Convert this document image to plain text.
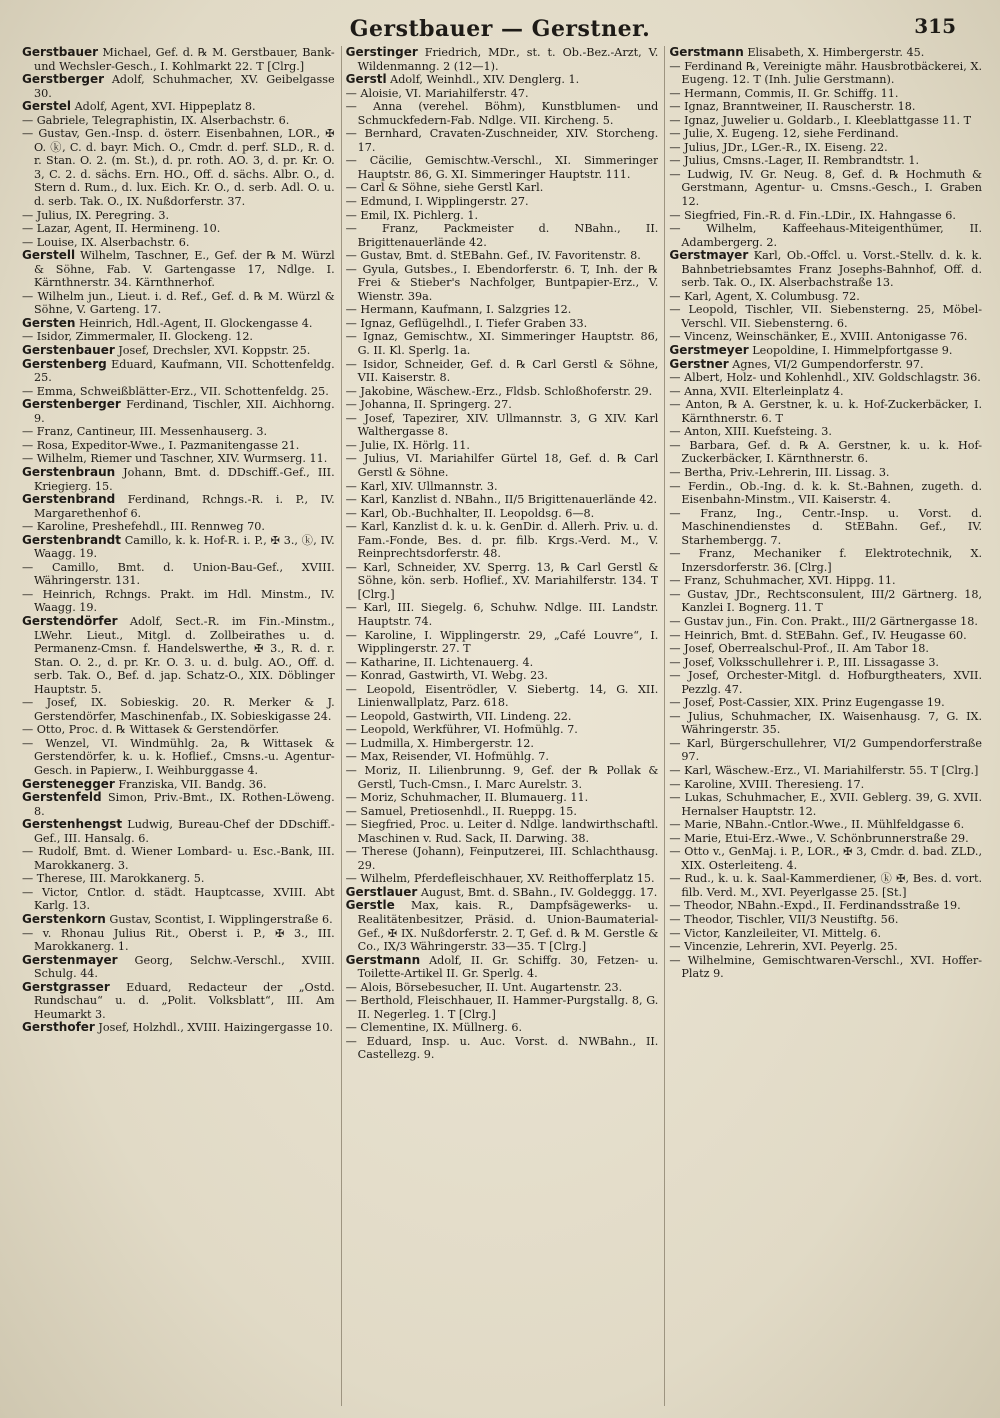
Gerstbauer — Gerstner.	315
Gerstbauer Michael, Gef. d. ℞ M. Gerstbauer, Bank- und Wechsler-Gesch., I. Kohlmarkt 22. T [Clrg.]
Gerstberger Adolf, Schuhmacher, XV. Geibelgasse 30.
Gerstel Adolf, Agent, XVI. Hippeplatz 8.
— Gabriele, Telegraphistin, IX. Alserbachstr. 6.
— Gustav, Gen.-Insp. d. österr. Eisenbahnen, LOR., ✠ O. ⓚ, C. d. bayr. Mich. O., Cmdr. d. perf. SLD., R. d. r. Stan. O. 2. (m. St.), d. pr. roth. AO. 3, d. pr. Kr. O. 3, C. 2. d. sächs. Ern. HO., Off. d. sächs. Albr. O., d. Stern d. Rum., d. lux. Eich. Kr. O., d. serb. Adl. O. u. d. serb. Tak. O., IX. Nußdorferstr. 37.
— Julius, IX. Peregring. 3.
— Lazar, Agent, II. Hermineng. 10.
— Louise, IX. Alserbachstr. 6.
Gerstell Wilhelm, Taschner, E., Gef. der ℞ M. Würzl & Söhne, Fab. V. Gartengasse 17, Ndlge. I. Kärnthnerstr. 34. Kärnthnerhof.
— Wilhelm jun., Lieut. i. d. Ref., Gef. d. ℞ M. Würzl & Söhne, V. Garteng. 17.
Gersten Heinrich, Hdl.-Agent, II. Glockengasse 4.
— Isidor, Zimmermaler, II. Glockeng. 12.
Gerstenbauer Josef, Drechsler, XVI. Koppstr. 25.
Gerstenberg Eduard, Kaufmann, VII. Schottenfeldg. 25.
— Emma, Schweißblätter-Erz., VII. Schottenfeldg. 25.
Gerstenberger Ferdinand, Tischler, XII. Aichhorng. 9.
— Franz, Cantineur, III. Messenhauserg. 3.
— Rosa, Expeditor-Wwe., I. Pazmanitengasse 21.
— Wilhelm, Riemer und Taschner, XIV. Wurmserg. 11.
Gerstenbraun Johann, Bmt. d. DDschiff.-Gef., III. Kriegierg. 15.
Gerstenbrand Ferdinand, Rchngs.-R. i. P., IV. Margarethenhof 6.
— Karoline, Preshefehdl., III. Rennweg 70.
Gerstenbrandt Camillo, k. k. Hof-R. i. P., ✠ 3., ⓚ, IV. Waagg. 19.
— Camillo, Bmt. d. Union-Bau-Gef., XVIII. Währingerstr. 131.
— Heinrich, Rchngs. Prakt. im Hdl. Minstm., IV. Waagg. 19.
Gerstendörfer Adolf, Sect.-R. im Fin.-Minstm., LWehr. Lieut., Mitgl. d. Zollbeirathes u. d. Permanenz-Cmsn. f. Handelswerthe, ✠ 3., R. d. r. Stan. O. 2., d. pr. Kr. O. 3. u. d. bulg. AO., Off. d. serb. Tak. O., Bef. d. jap. Schatz-O., XIX. Döblinger Hauptstr. 5.
— Josef, IX. Sobieskig. 20. R. Merker & J. Gerstendörfer, Maschinenfab., IX. Sobieskigasse 24.
— Otto, Proc. d. ℞ Wittasek & Gerstendörfer.
— Wenzel, VI. Windmühlg. 2a, ℞ Wittasek & Gerstendörfer, k. u. k. Hoflief., Cmsns.-u. Agentur-Gesch. in Papierw., I. Weihburggasse 4.
Gerstenegger Franziska, VII. Bandg. 36.
Gerstenfeld Simon, Priv.-Bmt., IX. Rothen-Löweng. 8.
Gerstenhengst Ludwig, Bureau-Chef der DDschiff.-Gef., III. Hansalg. 6.
— Rudolf, Bmt. d. Wiener Lombard- u. Esc.-Bank, III. Marokkanerg. 3.
— Therese, III. Marokkanerg. 5.
— Victor, Cntlor. d. städt. Hauptcasse, XVIII. Abt Karlg. 13.
Gerstenkorn Gustav, Scontist, I. Wipplingerstraße 6.
— v. Rhonau Julius Rit., Oberst i. P., ✠ 3., III. Marokkanerg. 1.
Gerstenmayer Georg, Selchw.-Verschl., XVIII. Schulg. 44.
Gerstgrasser Eduard, Redacteur der „Ostd. Rundschau“ u. d. „Polit. Volksblatt“, III. Am Heumarkt 3.
Gersthofer Josef, Holzhdl., XVIII. Haizingergasse 10.
Gerstinger Friedrich, MDr., st. t. Ob.-Bez.-Arzt, V. Wildenmanng. 2 (12—1).
Gerstl Adolf, Weinhdl., XIV. Denglerg. 1.
— Aloisie, VI. Mariahilferstr. 47.
— Anna (verehel. Böhm), Kunstblumen- und Schmuckfedern-Fab. Ndlge. VII. Kircheng. 5.
— Bernhard, Cravaten-Zuschneider, XIV. Storcheng. 17.
— Cäcilie, Gemischtw.-Verschl., XI. Simmeringer Hauptstr. 86, G. XI. Simmeringer Hauptstr. 111.
— Carl & Söhne, siehe Gerstl Karl.
— Edmund, I. Wipplingerstr. 27.
— Emil, IX. Pichlerg. 1.
— Franz, Packmeister d. NBahn., II. Brigittenauerlände 42.
— Gustav, Bmt. d. StEBahn. Gef., IV. Favoritenstr. 8.
— Gyula, Gutsbes., I. Ebendorferstr. 6. T, Inh. der ℞ Frei & Stieber's Nachfolger, Buntpapier-Erz., V. Wienstr. 39a.
— Hermann, Kaufmann, I. Salzgries 12.
— Ignaz, Geflügelhdl., I. Tiefer Graben 33.
— Ignaz, Gemischtw., XI. Simmeringer Hauptstr. 86, G. II. Kl. Sperlg. 1a.
— Isidor, Schneider, Gef. d. ℞ Carl Gerstl & Söhne, VII. Kaiserstr. 8.
— Jakobine, Wäschew.-Erz., Fldsb. Schloßhoferstr. 29.
— Johanna, II. Springerg. 27.
— Josef, Tapezirer, XIV. Ullmannstr. 3, G XIV. Karl Walthergasse 8.
— Julie, IX. Hörlg. 11.
— Julius, VI. Mariahilfer Gürtel 18, Gef. d. ℞ Carl Gerstl & Söhne.
— Karl, XIV. Ullmannstr. 3.
— Karl, Kanzlist d. NBahn., II/5 Brigittenauerlände 42.
— Karl, Ob.-Buchhalter, II. Leopoldsg. 6—8.
— Karl, Kanzlist d. k. u. k. GenDir. d. Allerh. Priv. u. d. Fam.-Fonde, Bes. d. pr. filb. Krgs.-Verd. M., V. Reinprechtsdorferstr. 48.
— Karl, Schneider, XV. Sperrg. 13, ℞ Carl Gerstl & Söhne, kön. serb. Hoflief., XV. Mariahilferstr. 134. T [Clrg.]
— Karl, III. Siegelg. 6, Schuhw. Ndlge. III. Landstr. Hauptstr. 74.
— Karoline, I. Wipplingerstr. 29, „Café Louvre“, I. Wipplingerstr. 27. T
— Katharine, II. Lichtenauerg. 4.
— Konrad, Gastwirth, VI. Webg. 23.
— Leopold, Eisentrödler, V. Siebertg. 14, G. XII. Linienwallplatz, Parz. 618.
— Leopold, Gastwirth, VII. Lindeng. 22.
— Leopold, Werkführer, VI. Hofmühlg. 7.
— Ludmilla, X. Himbergerstr. 12.
— Max, Reisender, VI. Hofmühlg. 7.
— Moriz, II. Lilienbrunng. 9, Gef. der ℞ Pollak & Gerstl, Tuch-Cmsn., I. Marc Aurelstr. 3.
— Moriz, Schuhmacher, II. Blumauerg. 11.
— Samuel, Pretiosenhdl., II. Rueppg. 15.
— Siegfried, Proc. u. Leiter d. Ndlge. landwirthschaftl. Maschinen v. Rud. Sack, II. Darwing. 38.
— Therese (Johann), Feinputzerei, III. Schlachthausg. 29.
— Wilhelm, Pferdefleischhauer, XV. Reithofferplatz 15.
Gerstlauer August, Bmt. d. SBahn., IV. Goldeggg. 17.
Gerstle Max, kais. R., Dampfsägewerks- u. Realitätenbesitzer, Präsid. d. Union-Baumaterial-Gef., ✠ IX. Nußdorferstr. 2. T, Gef. d. ℞ M. Gerstle & Co., IX/3 Währingerstr. 33—35. T [Clrg.]
Gerstmann Adolf, II. Gr. Schiffg. 30, Fetzen- u. Toilette-Artikel II. Gr. Sperlg. 4.
— Alois, Börsebesucher, II. Unt. Augartenstr. 23.
— Berthold, Fleischhauer, II. Hammer-Purgstallg. 8, G. II. Negerleg. 1. T [Clrg.]
— Clementine, IX. Müllnerg. 6.
— Eduard, Insp. u. Auc. Vorst. d. NWBahn., II. Castellezg. 9.
Gerstmann Elisabeth, X. Himbergerstr. 45.
— Ferdinand ℞, Vereinigte mähr. Hausbrotbäckerei, X. Eugeng. 12. T (Inh. Julie Gerstmann).
— Hermann, Commis, II. Gr. Schiffg. 11.
— Ignaz, Branntweiner, II. Rauscherstr. 18.
— Ignaz, Juwelier u. Goldarb., I. Kleeblattgasse 11. T
— Julie, X. Eugeng. 12, siehe Ferdinand.
— Julius, JDr., LGer.-R., IX. Eiseng. 22.
— Julius, Cmsns.-Lager, II. Rembrandtstr. 1.
— Ludwig, IV. Gr. Neug. 8, Gef. d. ℞ Hochmuth & Gerstmann, Agentur- u. Cmsns.-Gesch., I. Graben 12.
— Siegfried, Fin.-R. d. Fin.-LDir., IX. Hahngasse 6.
— Wilhelm, Kaffeehaus-Miteigenthümer, II. Adambergerg. 2.
Gerstmayer Karl, Ob.-Offcl. u. Vorst.-Stellv. d. k. k. Bahnbetriebsamtes Franz Josephs-Bahnhof, Off. d. serb. Tak. O., IX. Alserbachstraße 13.
— Karl, Agent, X. Columbusg. 72.
— Leopold, Tischler, VII. Siebensterng. 25, Möbel-Verschl. VII. Siebensterng. 6.
— Vincenz, Weinschänker, E., XVIII. Antonigasse 76.
Gerstmeyer Leopoldine, I. Himmelpfortgasse 9.
Gerstner Agnes, VI/2 Gumpendorferstr. 97.
— Albert, Holz- und Kohlenhdl., XIV. Goldschlagstr. 36.
— Anna, XVII. Elterleinplatz 4.
— Anton, ℞ A. Gerstner, k. u. k. Hof-Zuckerbäcker, I. Kärnthnerstr. 6. T
— Anton, XIII. Kuefsteing. 3.
— Barbara, Gef. d. ℞ A. Gerstner, k. u. k. Hof-Zuckerbäcker, I. Kärnthnerstr. 6.
— Bertha, Priv.-Lehrerin, III. Lissag. 3.
— Ferdin., Ob.-Ing. d. k. k. St.-Bahnen, zugeth. d. Eisenbahn-Minstm., VII. Kaiserstr. 4.
— Franz, Ing., Centr.-Insp. u. Vorst. d. Maschinendienstes d. StEBahn. Gef., IV. Starhembergg. 7.
— Franz, Mechaniker f. Elektrotechnik, X. Inzersdorferstr. 36. [Clrg.]
— Franz, Schuhmacher, XVI. Hippg. 11.
— Gustav, JDr., Rechtsconsulent, III/2 Gärtnerg. 18, Kanzlei I. Bognerg. 11. T
— Gustav jun., Fin. Con. Prakt., III/2 Gärtnergasse 18.
— Heinrich, Bmt. d. StEBahn. Gef., IV. Heugasse 60.
— Josef, Oberrealschul-Prof., II. Am Tabor 18.
— Josef, Volksschullehrer i. P., III. Lissagasse 3.
— Josef, Orchester-Mitgl. d. Hofburgtheaters, XVII. Pezzlg. 47.
— Josef, Post-Cassier, XIX. Prinz Eugengasse 19.
— Julius, Schuhmacher, IX. Waisenhausg. 7, G. IX. Währingerstr. 35.
— Karl, Bürgerschullehrer, VI/2 Gumpendorferstraße 97.
— Karl, Wäschew.-Erz., VI. Mariahilferstr. 55. T [Clrg.]
— Karoline, XVIII. Theresieng. 17.
— Lukas, Schuhmacher, E., XVII. Geblerg. 39, G. XVII. Hernalser Hauptstr. 12.
— Marie, NBahn.-Cntlor.-Wwe., II. Mühlfeldgasse 6.
— Marie, Etui-Erz.-Wwe., V. Schönbrunnerstraße 29.
— Otto v., GenMaj. i. P., LOR., ✠ 3, Cmdr. d. bad. ZLD., XIX. Osterleiteng. 4.
— Rud., k. u. k. Saal-Kammerdiener, ⓚ ✠, Bes. d. vort. filb. Verd. M., XVI. Peyerlgasse 25. [St.]
— Theodor, NBahn.-Expd., II. Ferdinandsstraße 19.
— Theodor, Tischler, VII/3 Neustiftg. 56.
— Victor, Kanzleileiter, VI. Mittelg. 6.
— Vincenzie, Lehrerin, XVI. Peyerlg. 25.
— Wilhelmine, Gemischtwaren-Verschl., XVI. Hoffer-Platz 9.
